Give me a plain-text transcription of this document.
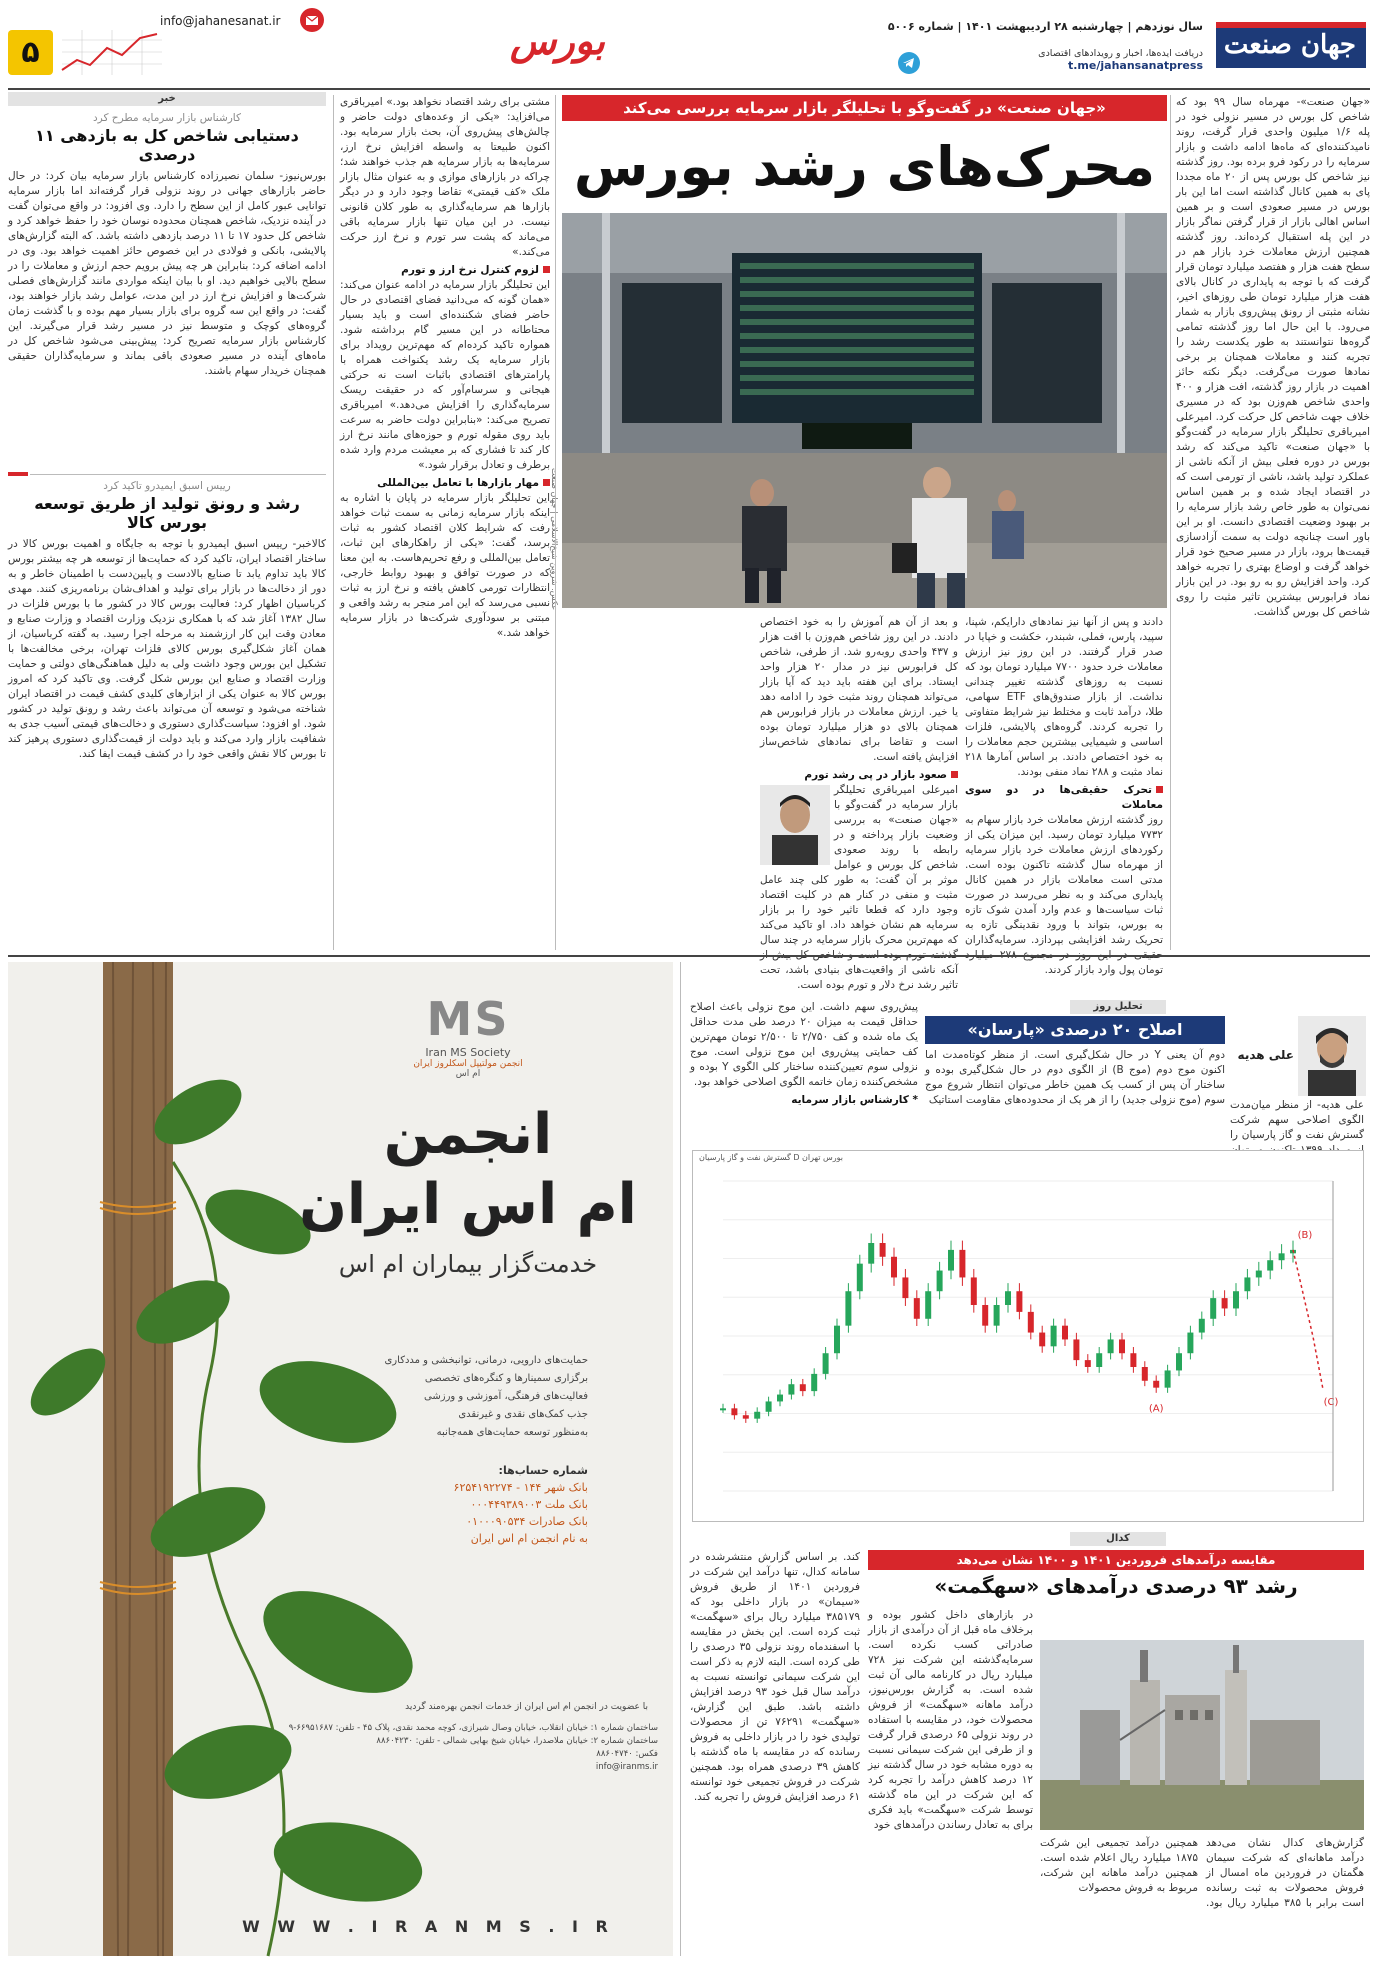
جهان صنعت
سال نوزدهم | چهارشنبه ۲۸ اردیبهشت ۱۴۰۱ | شماره ۵۰۰۶
دریافت ایده‌ها، اخبار و رویدادهای اقتصادی
t.me/jahansanatpress
بورس
info@jahanesanat.ir
۵
«جهان صنعت» در گفت‌وگو با تحلیلگر بازار سرمایه بررسی می‌کند
محرک‌های رشد بورس

«جهان صنعت»- مهرماه سال ۹۹ بود که شاخص کل بورس در مسیر نزولی خود در پله ۱/۶ میلیون واحدی قرار گرفت، روند نامید‌کننده‌ای که ماه‌ها ادامه داشت و بازار سرمایه را در رکود فرو برده بود. روز گذشته نیز شاخص کل بورس پس از ۲۰ ماه مجددا پای به همین کانال گذاشته است اما این بار بورس در مسیر صعودی است و بر همین اساس اهالی بازار از قرار گرفتن نماگر بازار در این پله استقبال کرده‌اند. روز گذشته همچنین ارزش معاملات خرد بازار هم در سطح هفت هزار و هفتصد میلیارد تومان قرار گرفت که با توجه به پایداری در کانال بالای هفت هزار میلیارد تومان طی روزهای اخیر، نشانه مثبتی از رونق پیش‌روی بازار به شمار می‌رود. با این حال اما روز گذشته تمامی گروه‌ها نتوانستند به طور یکدست رشد را تجربه کنند و معاملات همچنان بر برخی نمادها صورت می‌گرفت. دیگر نکته حائز اهمیت در بازار روز گذشته، افت هزار و ۴۰۰ واحدی شاخص هم‌وزن بود که در مسیری خلاف جهت شاخص کل حرکت کرد. امیرعلی امیرباقری تحلیلگر بازار سرمایه در گفت‌وگو با «جهان صنعت» تاکید می‌کند که رشد بورس در دوره فعلی بیش از آنکه ناشی از عملکرد تولید باشد، ناشی از تورمی است که در اقتصاد ایجاد شده و بر همین اساس نمی‌توان به طور خاص رشد بازار سرمایه را بر بهبود وضعیت اقتصادی دانست. او بر این باور است چنانچه دولت به سمت آزادسازی قیمت‌ها برود، بازار در مسیر صحیح خود قرار خواهد گرفت و اوضاع بهتری را تجربه خواهد کرد. واحد افزایش رو به رو بود. در این بازار نماد فرابورس بیشترین تاثیر مثبت را روی شاخص کل بورس گذاشت.

دادند و پس از آنها نیز نمادهای دارایکم، شپنا، سپید، پارس، فملی، شبندر، خکشت و خپایا در صدر قرار گرفتند. در این روز نیز ارزش معاملات خرد حدود ۷۷۰۰ میلیارد تومان بود که نسبت به روزهای گذشته تغییر چندانی نداشت. از بازار صندوق‌های ETF سهامی، طلا، درآمد ثابت و مختلط نیز شرایط متفاوتی را تجربه کردند. گروه‌های پالایشی، فلزات اساسی و شیمیایی بیشترین حجم معاملات را به خود اختصاص دادند. بر اساس آمارها ۲۱۸ نماد مثبت و ۲۸۸ نماد منفی بودند.

تحرک حقیقی‌ها در دو سوی معاملات

روز گذشته ارزش معاملات خرد بازار سهام به ۷۷۳۲ میلیارد تومان رسید. این میزان یکی از رکوردهای ارزش معاملات خرد بازار سرمایه از مهرماه سال گذشته تاکنون بوده است. مدتی است معاملات بازار در همین کانال پایداری می‌کند و به نظر می‌رسد در صورت ثبات سیاست‌ها و عدم وارد آمدن شوک تازه به بورس، بتواند با ورود نقدینگی تازه به تحریک رشد افزایشی بپردازد. سرمایه‌گذاران تومان پول وارد بازار کردند.

و بعد از آن هم آموزش را به خود اختصاص دادند. در این روز شاخص هم‌وزن با افت هزار و ۴۳۷ واحدی روبه‌رو شد. از طرفی، شاخص کل فرابورس نیز در مدار ۲۰ هزار واحد ایستاد. برای این هفته باید دید که آیا بازار می‌تواند همچنان روند مثبت خود را ادامه دهد یا خیر. ارزش معاملات در بازار فرابورس هم همچنان بالای دو هزار میلیارد تومان بوده است و تقاضا برای نمادهای شاخص‌ساز افزایش یافته است.

صعود بازار در پی رشد تورم

امیرعلی امیرباقری تحلیلگر بازار سرمایه در گفت‌وگو با «جهان صنعت» به بررسی وضعیت بازار پرداخته و در رابطه با روند صعودی شاخص کل بورس و عوامل موثر بر آن گفت: به طور کلی چند عامل مثبت و منفی در کنار هم در کلیت اقتصاد وجود دارد که قطعا تاثیر خود را بر بازار سرمایه هم نشان خواهد داد. او تاکید می‌کند که مهم‌ترین محرک بازار سرمایه در چند سال آنکه ناشی از واقعیت‌های بنیادی باشد، تحت تاثیر رشد نرخ دلار و تورم بوده است.

مشتی برای رشد اقتصاد نخواهد بود.» امیرباقری می‌افزاید: «یکی از وعده‌های دولت حاضر و چالش‌های پیش‌روی آن، بحث بازار سرمایه بود. اکنون طبیعتا به واسطه افزایش نرخ ارز، سرمایه‌ها به بازار سرمایه هم جذب خواهند شد؛ چراکه در بازارهای موازی و به عنوان مثال بازار ملک «کف قیمتی» تقاضا وجود دارد و در دیگر بازارها هم سرمایه‌گذاری به طور کلان قانونی نیست. در این میان تنها بازار سرمایه باقی می‌ماند که پشت سر تورم و نرخ ارز حرکت می‌کند.»

لزوم کنترل نرخ ارز و تورم

این تحلیلگر بازار سرمایه در ادامه عنوان می‌کند: «همان گونه که می‌دانید فضای اقتصادی در حال حاضر فضای شکننده‌ای است و باید بسیار محتاطانه در این مسیر گام برداشته شود. همواره تاکید کرده‌ام که مهم‌ترین رویداد برای بازار سرمایه یک رشد یکنواخت همراه با پارامترهای اقتصادی باثبات است نه حرکتی هیجانی و سرسام‌آور که در حقیقت ریسک سرمایه‌گذاری را افزایش می‌دهد.» امیرباقری تصریح می‌کند: «بنابراین دولت حاضر به سرعت باید روی مقوله تورم و حوزه‌های مانند نرخ ارز کار کند تا فشاری که بر معیشت مردم وارد شده برطرف و تعادل برقرار شود.»

مهار بازارها با تعامل بین‌المللی

این تحلیلگر بازار سرمایه در پایان با اشاره به اینکه بازار سرمایه زمانی به سمت ثبات خواهد رفت که شرایط کلان اقتصاد کشور به ثبات برسد، گفت: «یکی از راهکارهای این ثبات، تعامل بین‌المللی و رفع تحریم‌هاست. به این معنا که در صورت توافق و بهبود روابط خارجی، انتظارات تورمی کاهش یافته و نرخ ارز به ثبات نسبی می‌رسد که این امر منجر به رشد واقعی و مبتنی بر سودآوری شرکت‌ها در بازار سرمایه خواهد شد.»

خبر
کارشناس بازار سرمایه مطرح کرد
دستیابی شاخص کل به بازدهی ۱۱ درصدی
بورس‌نیوز- سلمان نصیرزاده کارشناس بازار سرمایه بیان کرد: در حال حاضر بازارهای جهانی در روند نزولی قرار گرفته‌اند اما بازار سرمایه توانایی عبور کامل از این سطح را دارد. وی افزود: در واقع می‌توان گفت در آینده نزدیک، شاخص همچنان محدوده نوسان خود را حفظ خواهد کرد و شاخص کل حدود ۱۷ تا ۱۱ درصد بازدهی داشته باشد. که البته گزارش‌های پالایشی، بانکی و فولادی در این خصوص حائز اهمیت خواهد بود. وی در ادامه اضافه کرد: بنابراین هر چه پیش برویم حجم ارزش و معاملات را در سطح بالایی خواهیم دید. او با بیان اینکه مواردی مانند گزارش‌های فصلی شرکت‌ها و افزایش نرخ ارز در این مدت، عوامل رشد بازار خواهند بود، گفت: در واقع این سه گروه برای بازار بسیار مهم بوده و با گذشت زمان گروه‌های کوچک و متوسط نیز در مسیر رشد قرار می‌گیرند. این کارشناس بازار سرمایه تصریح کرد: پیش‌بینی می‌شود شاخص کل در ماه‌های آینده در مسیر صعودی باقی بماند و سرمایه‌گذاران حقیقی همچنان خریدار سهام باشند.
رییس اسبق ایمیدرو تاکید کرد
رشد و رونق تولید از طریق توسعه بورس کالا
کالاخبر- رییس اسبق ایمیدرو با توجه به جایگاه و اهمیت بورس کالا در ساختار اقتصاد ایران، تاکید کرد که حمایت‌ها از توسعه هر چه بیشتر بورس کالا باید تداوم یابد تا صنایع بالادست و پایین‌دست با اطمینان خاطر و به دور از دخالت‌ها در بازار برای تولید و اهداف‌شان برنامه‌ریزی کنند. مهدی کرباسیان اظهار کرد: فعالیت بورس کالا در کشور ما با بورس فلزات در سال ۱۳۸۲ آغاز شد که با همکاری نزدیک وزارت اقتصاد و وزارت صنایع و معادن وقت این کار ارزشمند به مرحله اجرا رسید. به گفته کرباسیان، از همان آغاز شکل‌گیری بورس کالای فلزات تهران، برخی مخالفت‌ها با تشکیل این بورس وجود داشت ولی به دلیل هماهنگی‌های دولتی و حمایت وزارت اقتصاد و صنایع این بورس شکل گرفت. وی تاکید کرد که امروز بورس کالا به عنوان یکی از ابزارهای کلیدی کشف قیمت در اقتصاد ایران شناخته می‌شود و توسعه آن می‌تواند باعث رشد و رونق تولید در کشور شود. او افزود: سیاست‌گذاری دستوری و دخالت‌های قیمتی آسیب جدی به شفافیت بازار وارد می‌کند و باید دولت از قیمت‌گذاری دستوری پرهیز کند تا بورس کالا نقش واقعی خود را در کشف قیمت ایفا کند.
MS
Iran MS Society
انجمن مولتیپل اسکلروز ایران
ام اس
انجمن
ام اس ایران
خدمت‌گزار بیماران ام اس
حمایت‌های دارویی، درمانی، توانبخشی و مددکاری
برگزاری سمینارها و کنگره‌های تخصصی
فعالیت‌های فرهنگی، آموزشی و ورزشی
جذب کمک‌های نقدی و غیرنقدی
به‌منظور توسعه حمایت‌های همه‌جانبه
شماره حساب‌ها:
بانک شهر ۱۴۴ - ۶۲۵۴۱۹۲۲۷۴
بانک ملت ۰۰۰۴۴۹۳۸۹۰۰۳
بانک صادرات ۰۱۰۰۰۹۰۵۳۴
به نام انجمن ام اس ایران
با عضویت در انجمن ام اس ایران از خدمات انجمن بهره‌مند گردید
ساختمان شماره ۱: خیابان انقلاب، خیابان وصال شیرازی، کوچه محمد نقدی، پلاک ۴۵ - تلفن: ۶۶۹۵۱۶۸۷-۹
ساختمان شماره ۲: خیابان ملاصدرا، خیابان شیخ بهایی شمالی - تلفن: ۸۸۶۰۴۲۳۰
فکس: ۸۸۶۰۴۷۴۰
info@iranms.ir
W W W . I R A N M S . I R
تحلیل روز
اصلاح ۲۰ درصدی «پارسان»

علی هدیه‌- از منظر میان‌مدت الگوی اصلاحی سهم شرکت گسترش نفت و گاز پارسیان را

علی هدیه

دوم آن یعنی Y در حال شکل‌گیری است. از منظر کوتاه‌مدت اما اکنون موج دوم (موج B) از الگوی دوم در حال شکل‌گیری بوده و ساختار آن پس از کسب یک همین خاطر می‌توان انتظار شروع موج سوم (موج نزولی جدید) را از هر یک از محدوده‌های مقاومت استاتیک

پیش‌روی سهم داشت. این موج نزولی باعث اصلاح حداقل قیمت به میزان ۲۰ درصد طی مدت حداقل یک ماه شده و کف ۲/۷۵۰ تا ۲/۵۰۰ تومان مهم‌ترین کف حمایتی پیش‌روی این موج نزولی است. موج نزولی سوم تعیین‌کننده ساختار کلی الگوی Y بوده و مشخص‌کننده زمان خاتمه الگوی اصلاحی خواهد بود.

* کارشناس بازار سرمایه

بورس تهران D گسترش نفت و گاز پارسیان
(A)
(B)
(C)
کدال
مقایسه درآمدهای فروردین ۱۴۰۱ و ۱۴۰۰ نشان می‌دهد
رشد ۹۳ درصدی درآمدهای «سهگمت»

در بازارهای داخل کشور بوده و برخلاف ماه قبل از آن درآمدی از بازار صادراتی کسب نکرده است. سرمایه‌گذشته این شرکت نیز ۷۲۸ میلیارد ریال در کارنامه مالی آن ثبت شده است. به گزارش بورس‌نیوز، درآمد ماهانه «سهگمت» از فروش محصولات خود، در مقایسه با استفاده در روند نزولی ۶۵ درصدی قرار گرفت و از طرفی این شرکت سیمانی نسبت به دوره مشابه خود در سال گذشته نیز ۱۲ درصد کاهش درآمد را تجربه کرد که این شرکت در این ماه گذشته توسط شرکت «سهگمت» باید فکری برای به تعادل رساندن درآمدهای خود

کند. بر اساس گزارش منتشرشده در سامانه کدال، تنها درآمد این شرکت در فروردین ۱۴۰۱ از طریق فروش «سیمان» در بازار داخلی بود که ۳۸۵۱۷۹ میلیارد ریال برای «سهگمت» ثبت کرده است. این بخش در مقایسه با اسفندماه روند نزولی ۳۵ درصدی را طی کرده است. البته لازم به ذکر است این شرکت سیمانی توانسته نسبت به درآمد سال قبل خود ۹۳ درصد افزایش داشته باشد. طبق این گزارش، «سهگمت» ۷۶۲۹۱ تن از محصولات تولیدی خود را در بازار داخلی به فروش رسانده که در مقایسه با ماه گذشته با کاهش ۳۹ درصدی همراه بود. همچنین شرکت در فروش تجمیعی خود توانسته ۶۱ درصد افزایش فروش را تجربه کند.

گزارش‌های کدال نشان می‌دهد درآمد ماهانه‌ای که شرکت سیمان هگمتان در فروردین ماه امسال از فروش محصولات به ثبت رسانده است برابر با ۳۸۵ میلیارد ریال بود. همچنین درآمد تجمیعی این شرکت ۱۸۷۵ میلیارد ریال اعلام شده است. همچنین درآمد ماهانه این شرکت، مربوط به فروش محصولات
